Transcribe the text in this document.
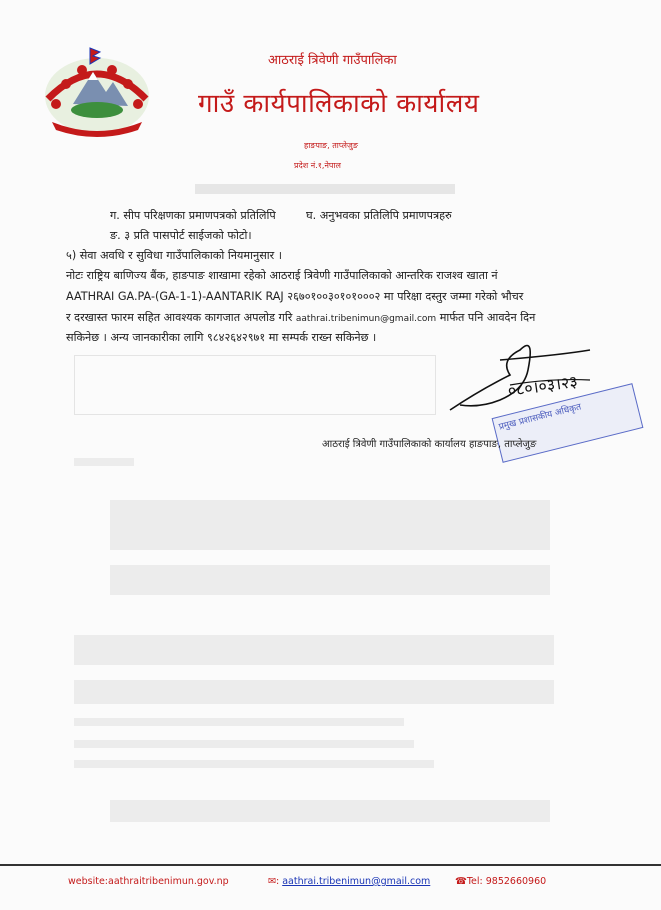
आठराई त्रिवेणी गाउँपालिका
गाउँ कार्यपालिकाको कार्यालय
हाङपाङ, ताप्लेजुङ
प्रदेश नं.१,नेपाल
ग. सीप परिक्षणका प्रमाणपत्रको प्रतिलिपि	घ. अनुभवका प्रतिलिपि प्रमाणपत्रहरु
ङ. ३ प्रति पासपोर्ट साईजको फोटो।
५) सेवा अवधि र सुविधा गाउँपालिकाको नियमानुसार ।
नोटः राष्ट्रिय बाणिज्य बैंक, हाङपाङ शाखामा रहेको आठराई त्रिवेणी गाउँपालिकाको आन्तरिक राजश्व खाता नं
AATHRAI GA.PA-(GA-1-1)-AANTARIK RAJ २६७०१००३०१०१०००२ मा परिक्षा दस्तुर जम्मा गरेको भौचर
र दरखास्त फारम सहित आवश्यक कागजात अपलोड गरि aathrai.tribenimun@gmail.com मार्फत पनि आवदेन दिन
सकिनेछ । अन्य जानकारीका लागि ९८४२६४२९७१ मा सम्पर्क राख्न सकिनेछ ।
०८०।०३।२३
प्रमुख प्रशासकीय अधिकृत
आठराई त्रिवेणी गाउँपालिकाको कार्यालय हाङपाङ, ताप्लेजुङ
website:aathraitribenimun.gov.np	✉: aathrai.tribenimun@gmail.com	☎Tel: 9852660960
